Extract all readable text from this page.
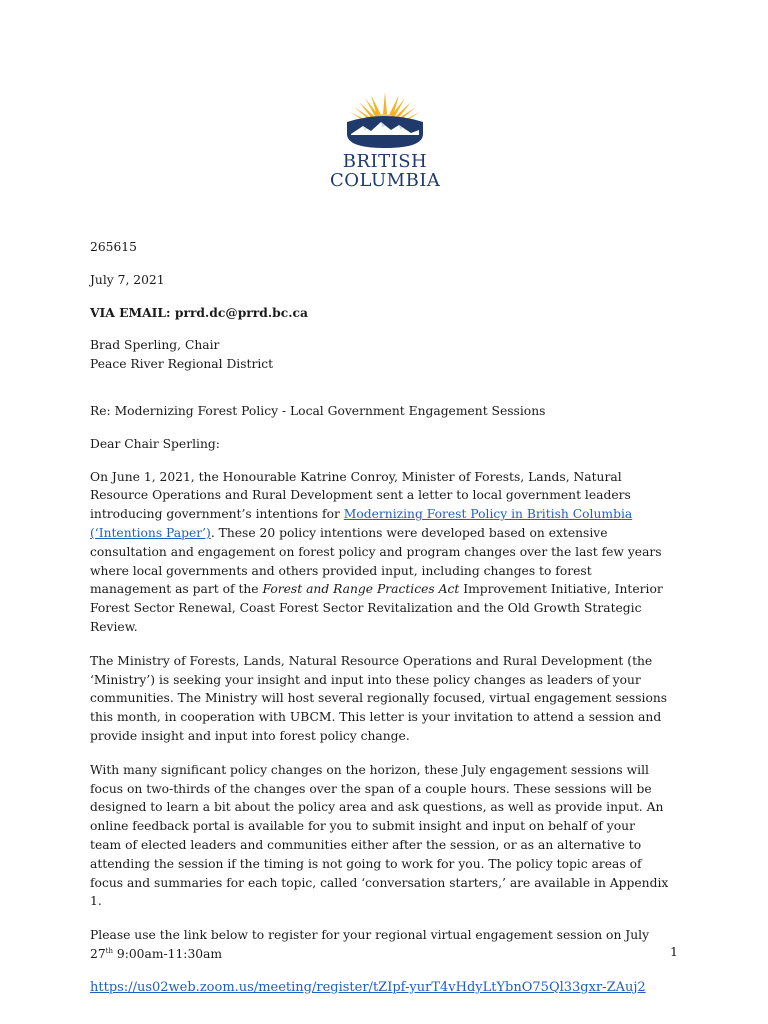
BRITISH
COLUMBIA

265615

July 7, 2021

VIA EMAIL: prrd.dc@prrd.bc.ca

Brad Sperling, Chair

Peace River Regional District

Re: Modernizing Forest Policy - Local Government Engagement Sessions

Dear Chair Sperling:

On June 1, 2021, the Honourable Katrine Conroy, Minister of Forests, Lands, Natural Resource Operations and Rural Development sent a letter to local government leaders introducing government’s intentions for Modernizing Forest Policy in British Columbia (‘Intentions Paper’). These 20 policy intentions were developed based on extensive consultation and engagement on forest policy and program changes over the last few years where local governments and others provided input, including changes to forest management as part of the Forest and Range Practices Act Improvement Initiative, Interior Forest Sector Renewal, Coast Forest Sector Revitalization and the Old Growth Strategic Review.

The Ministry of Forests, Lands, Natural Resource Operations and Rural Development (the ‘Ministry’) is seeking your insight and input into these policy changes as leaders of your communities. The Ministry will host several regionally focused, virtual engagement sessions this month, in cooperation with UBCM. This letter is your invitation to attend a session and provide insight and input into forest policy change.

With many significant policy changes on the horizon, these July engagement sessions will focus on two-thirds of the changes over the span of a couple hours. These sessions will be designed to learn a bit about the policy area and ask questions, as well as provide input. An online feedback portal is available for you to submit insight and input on behalf of your team of elected leaders and communities either after the session, or as an alternative to attending the session if the timing is not going to work for you. The policy topic areas of focus and summaries for each topic, called ‘conversation starters,’ are available in Appendix 1.

Please use the link below to register for your regional virtual engagement session on July 27th 9:00am-11:30am

https://us02web.zoom.us/meeting/register/tZIpf-yurT4vHdyLtYbnO75Ql33gxr-ZAuj2

1
